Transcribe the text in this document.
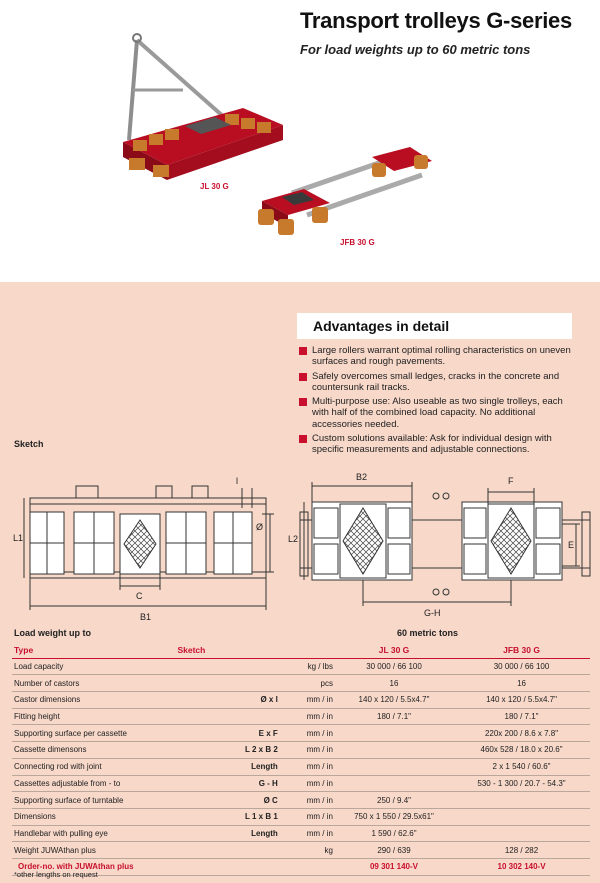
Transport trolleys G-series
For load weights up to 60 metric tons
JL 30 G
JFB 30 G
Advantages in detail
Large rollers warrant optimal rolling characteristics on uneven surfaces and rough pavements.
Safely overcomes small ledges, cracks in the concrete and countersunk rail tracks.
Multi-purpose use: Also useable as two single trolleys, each with half of the combined load capacity. No additional accessories needed.
Custom solutions available: Ask for individual design with specific measurements and adjustable connections.
Sketch
L1
l
Ø
C
B1
B2	F
L2
E
G-H
Load weight up to	60 metric tons
Type	Sketch		JL 30 G	JFB 30 G
Load capacity		kg / lbs	30 000 / 66 100	30 000 / 66 100
Number of castors		pcs	16	16
Castor dimensions	Ø x l	mm / in	140 x 120 / 5.5x4.7"	140 x 120 / 5.5x4.7"
Fitting height		mm / in	180 / 7.1"	180 / 7.1"
Supporting surface per cassette	E x F	mm / in		220x 200 / 8.6 x 7.8"
Cassette dimensons	L 2 x B 2	mm / in		460x 528 / 18.0 x 20.6"
Connecting rod with joint	Length	mm / in		2 x 1 540 / 60.6"
Cassettes adjustable from - to	G - H	mm / in		530 - 1 300 / 20.7 - 54.3"
Supporting surface of turntable	Ø C	mm / in	250 / 9.4"	
Dimensions	L 1 x B 1	mm / in	750 x 1 550 / 29.5x61"	
Handlebar with pulling eye	Length	mm / in	1 590 / 62.6"	
Weight JUWAthan plus		kg	290 / 639	128 / 282
Order-no. with JUWAthan plus			09 301 140-V	10 302 140-V
*other lengths on request
